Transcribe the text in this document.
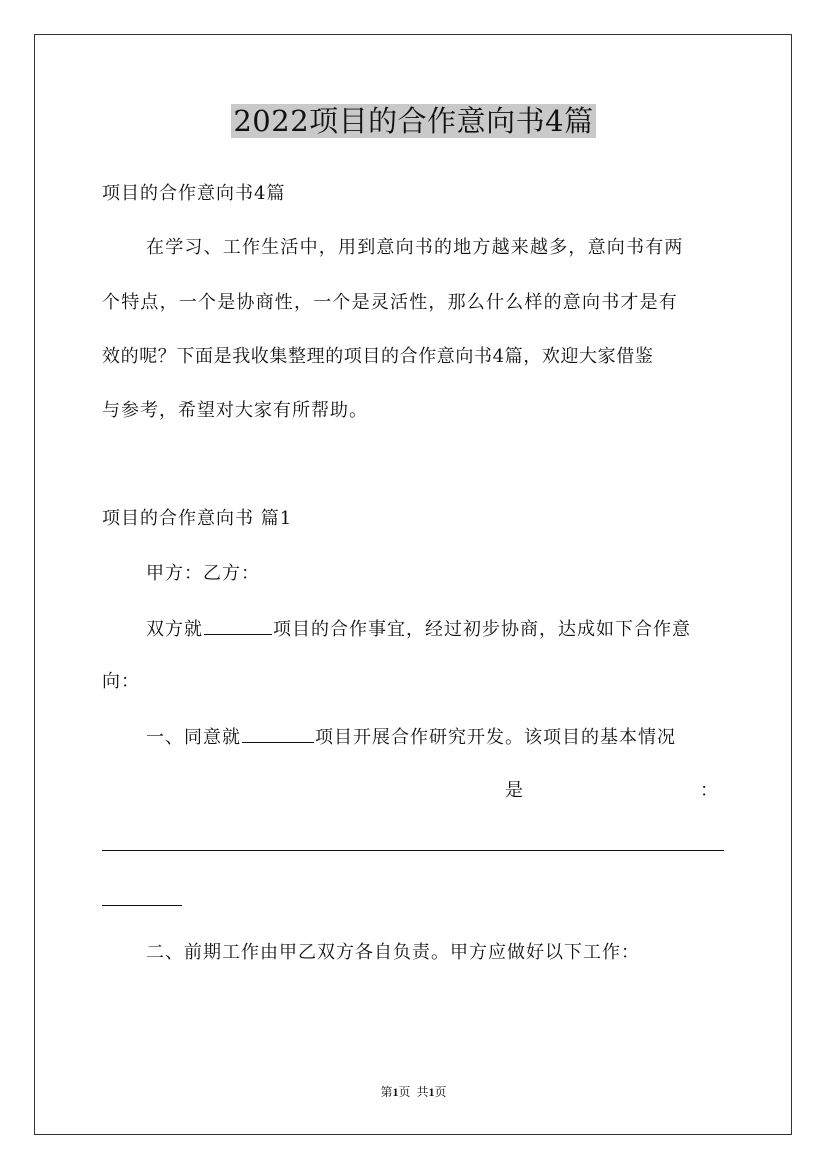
2022项目的合作意向书4篇
项目的合作意向书4篇
在学习、工作生活中，用到意向书的地方越来越多，意向书有两
个特点，一个是协商性，一个是灵活性，那么什么样的意向书才是有
效的呢？下面是我收集整理的项目的合作意向书4篇，欢迎大家借鉴
与参考，希望对大家有所帮助。
项目的合作意向书 篇1
甲方：乙方：
双方就	项目的合作事宜，经过初步协商，达成如下合作意
向：
一、同意就	项目开展合作研究开发。该项目的基本情况
是	：
二、前期工作由甲乙双方各自负责。甲方应做好以下工作：
第1页  共1页
